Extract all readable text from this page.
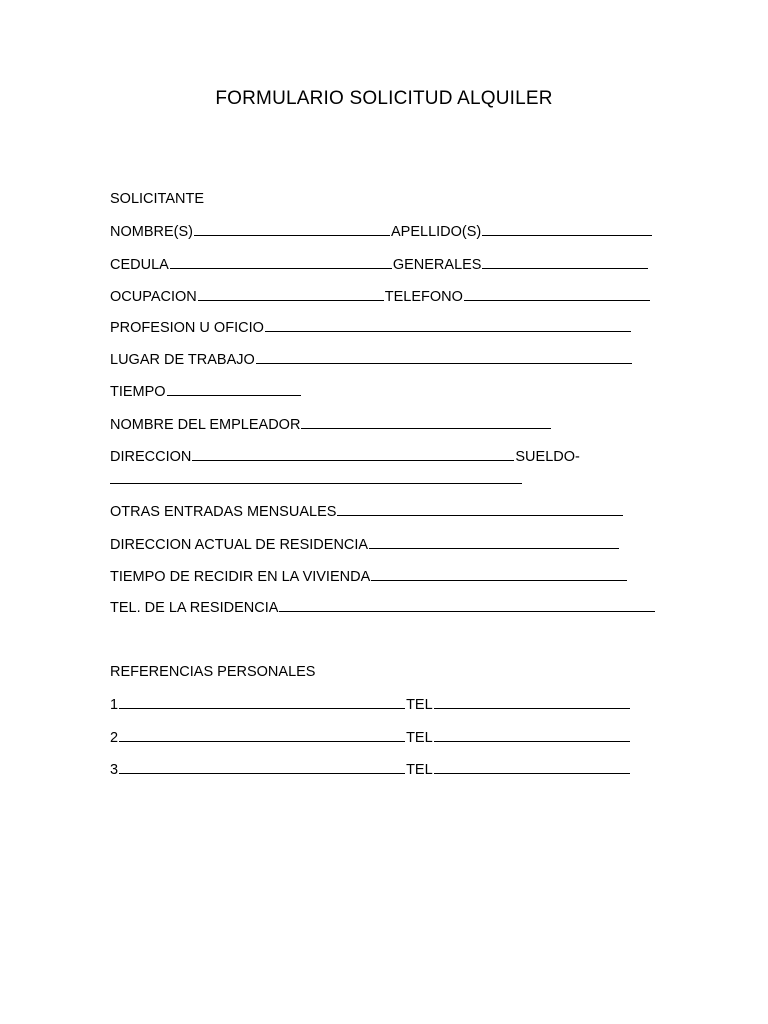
FORMULARIO SOLICITUD ALQUILER
SOLICITANTE
NOMBRE(S)	APELLIDO(S)
CEDULA	GENERALES
OCUPACION	TELEFONO
PROFESION U OFICIO
LUGAR DE TRABAJO
TIEMPO
NOMBRE DEL EMPLEADOR
DIRECCION	SUELDO-
OTRAS ENTRADAS MENSUALES
DIRECCION ACTUAL DE RESIDENCIA
TIEMPO DE RECIDIR EN LA VIVIENDA
TEL. DE LA RESIDENCIA
REFERENCIAS PERSONALES
1	TEL
2	TEL
3	TEL
